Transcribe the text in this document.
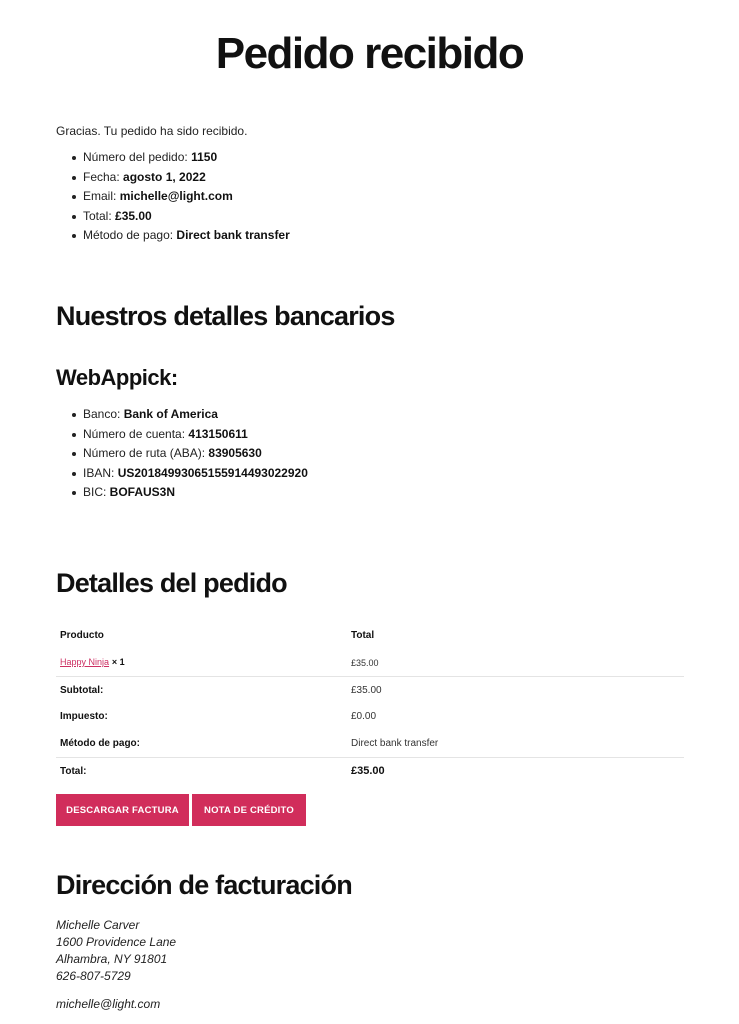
Pedido recibido

Gracias. Tu pedido ha sido recibido.

Número del pedido: 1150
Fecha: agosto 1, 2022
Email: michelle@light.com
Total: £35.00
Método de pago: Direct bank transfer
Nuestros detalles bancarios
WebAppick:
Banco: Bank of America
Número de cuenta: 413150611
Número de ruta (ABA): 83905630
IBAN: US2018499306515591449302292​0
BIC: BOFAUS3N
Detalles del pedido
Producto	Total
Happy Ninja × 1	£35.00
Subtotal:	£35.00
Impuesto:	£0.00
Método de pago:	Direct bank transfer
Total:	£35.00
DESCARGAR FACTURA	NOTA DE CRÉDITO
Dirección de facturación
Michelle Carver
1600 Providence Lane
Alhambra, NY 91801
626-807-5729
michelle@light.com
